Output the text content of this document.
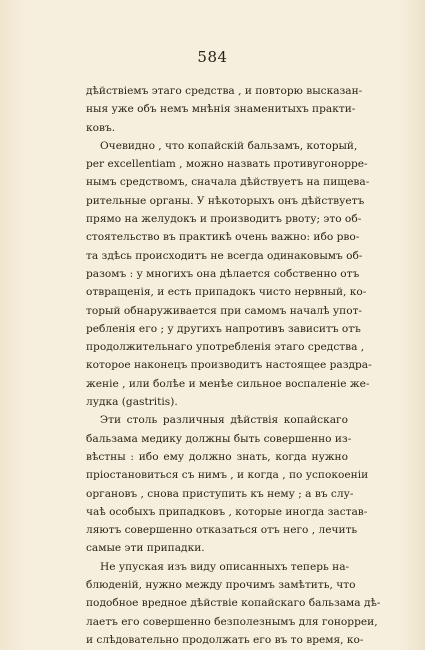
584
дѣйствіемъ этаго средства , и повторю высказан-
ныя уже объ немъ мнѣнія знаменитыхъ практи-
ковъ.
Очевидно , что копайскій бальзамъ, который,
per excellentiam , можно назвать противугонорре-
нымъ средствомъ, сначала дѣйствуетъ на пищева-
рительные органы. У нѣкоторыхъ онъ дѣйствуетъ
прямо на желудокъ и производитъ рвоту; это об-
стоятельство въ практикѣ очень важно: ибо рво-
та здѣсь происходитъ не всегда одинаковымъ об-
разомъ : у многихъ она дѣлается собственно отъ
отвращенія, и есть припадокъ чисто нервный, ко-
торый обнаруживается при самомъ началѣ упот-
ребленія его ; у другихъ напротивъ зависитъ отъ
продолжительнаго употребленія этаго средства ,
которое наконецъ производитъ настоящее раздра-
женіе , или болѣе и менѣе сильное воспаленіе же-
лудка (gastritis).
Эти столь различныя дѣйствія копайскаго
бальзама медику должны быть совершенно из-
вѣстны : ибо ему должно знать, когда нужно
пріостановиться съ нимъ , и когда , по успокоеніи
органовъ , снова приступить къ нему ; а въ слу-
чаѣ особыхъ припадковъ , которые иногда застав-
ляютъ совершенно отказаться отъ него , лечить
самые эти припадки.
Не упуская изъ виду описанныхъ теперь на-
блюденій, нужно между прочимъ замѣтить, что
подобное вредное дѣйствіе копайскаго бальзама дѣ-
лаетъ его совершенно безполезнымъ для гонорреи,
и слѣдовательно продолжать его въ то время, ко-
